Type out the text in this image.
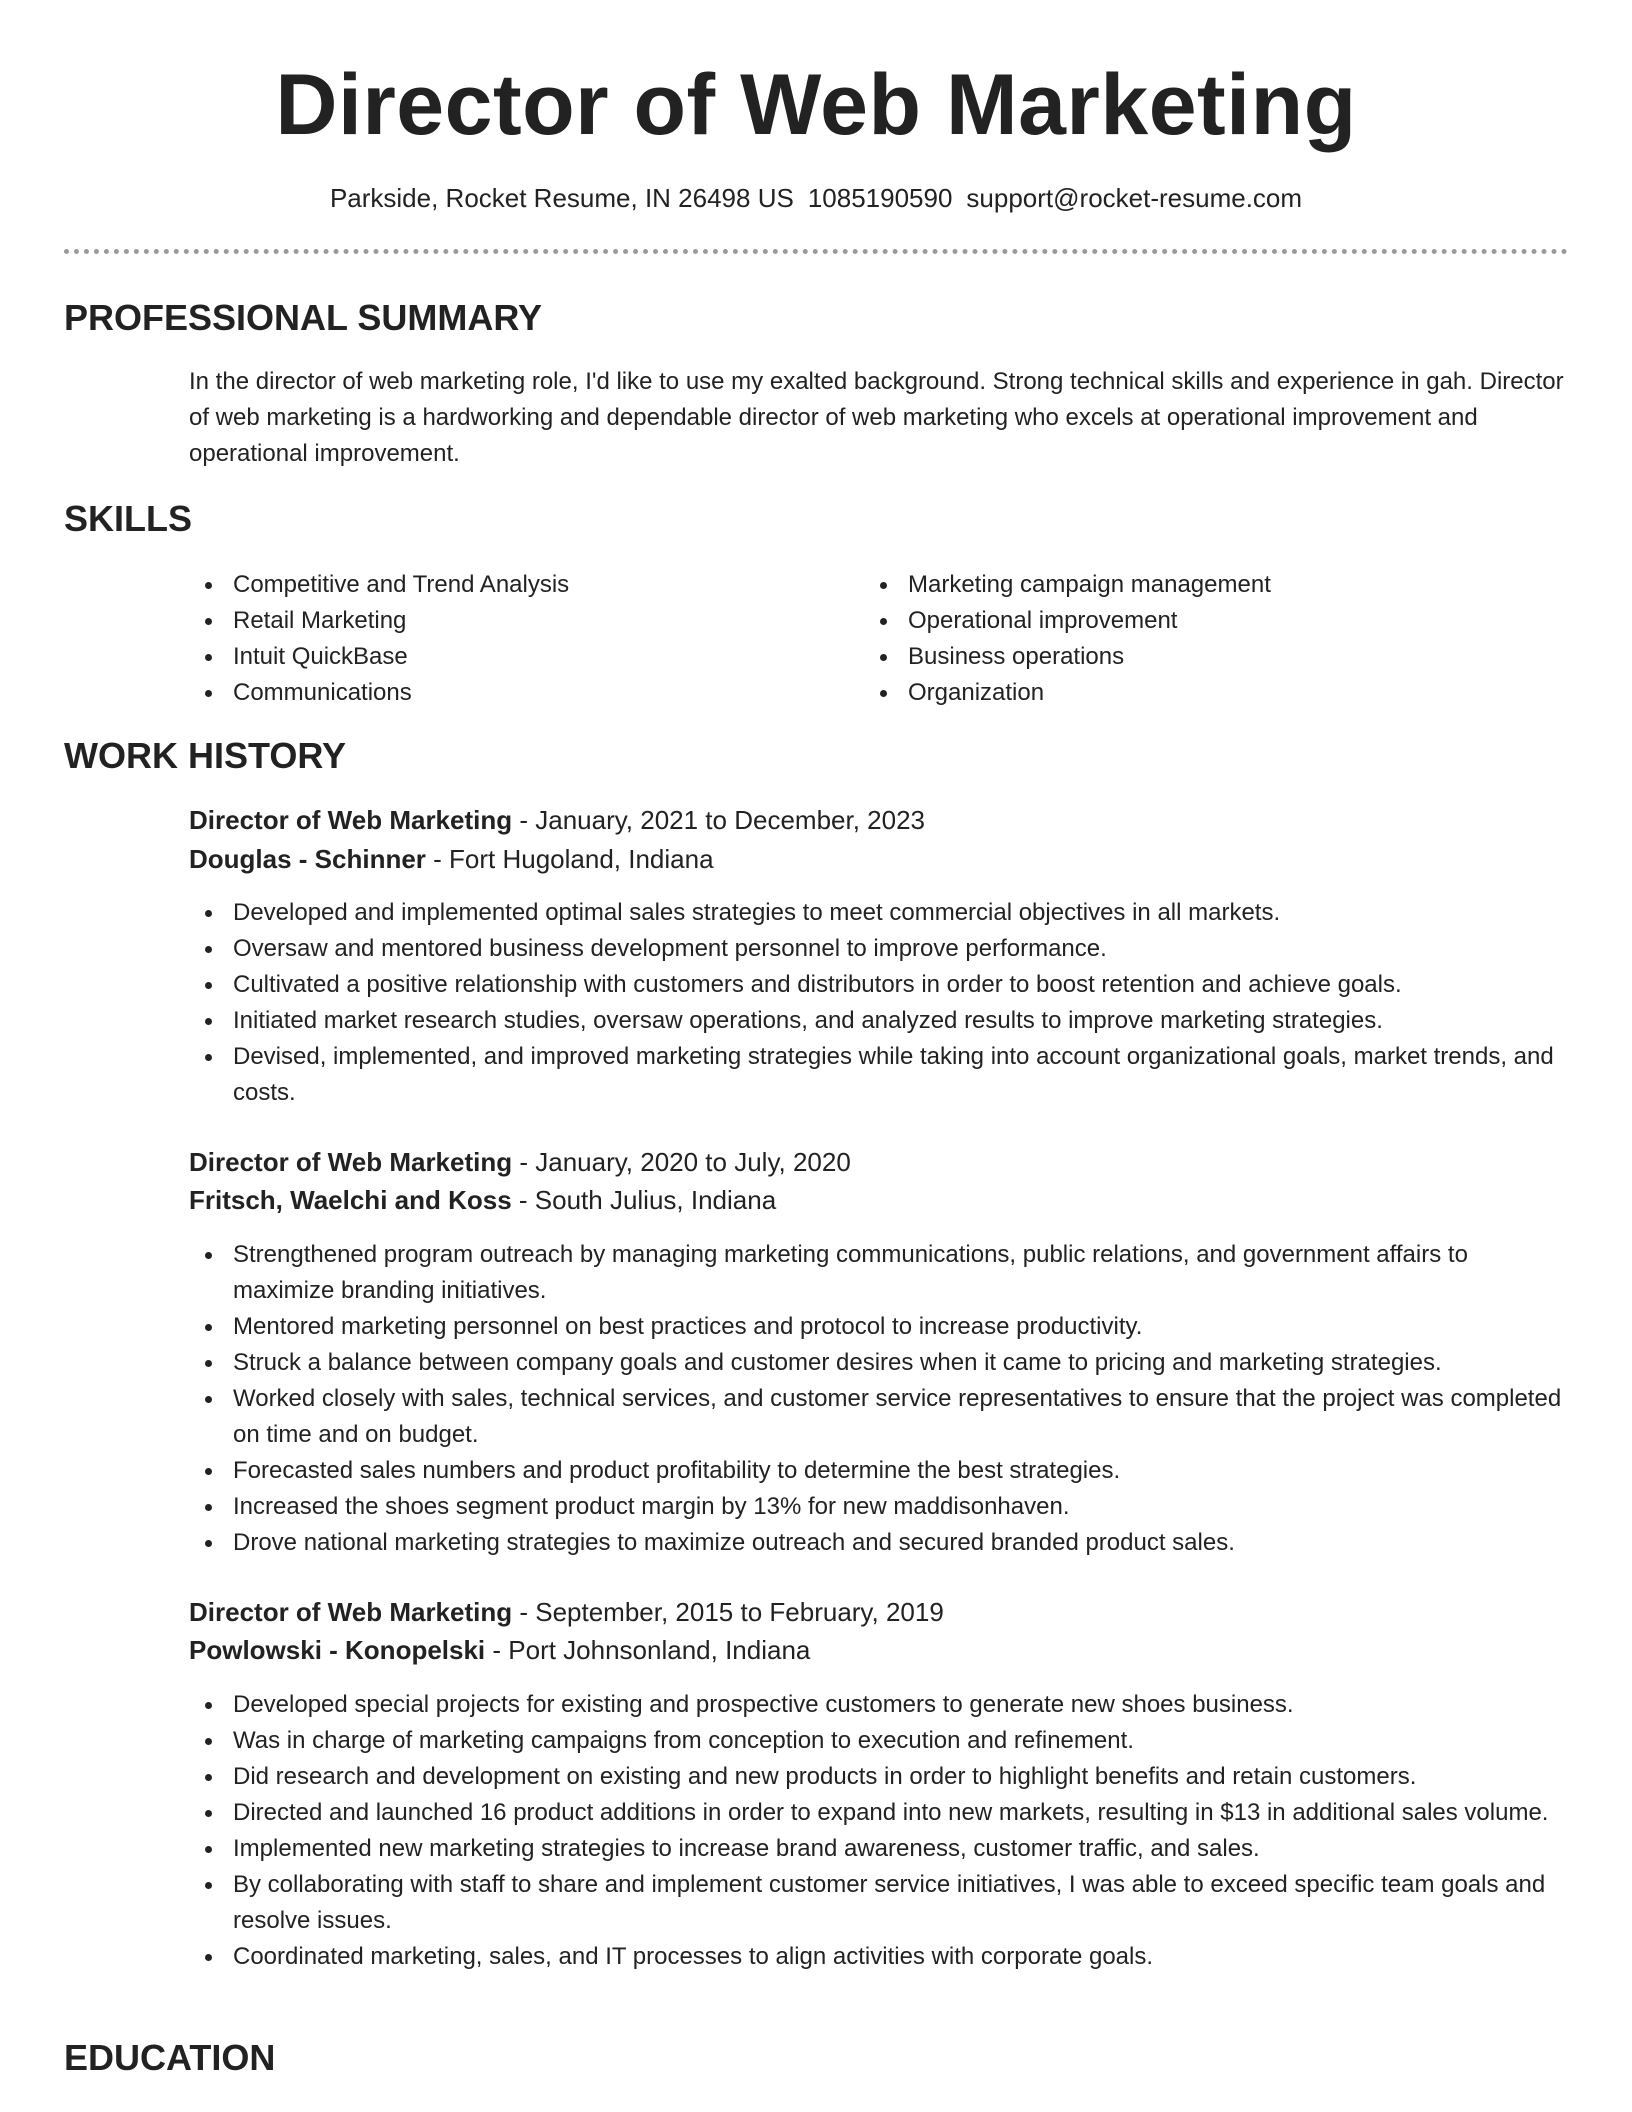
Director of Web Marketing
Parkside, Rocket Resume, IN 26498 US 1085190590 support@rocket-resume.com
PROFESSIONAL SUMMARY

In the director of web marketing role, I'd like to use my exalted background. Strong technical skills and experience in gah. Director of web marketing is a hardworking and dependable director of web marketing who excels at operational improvement and operational improvement.

SKILLS
Competitive and Trend Analysis
Retail Marketing
Intuit QuickBase
Communications
Marketing campaign management
Operational improvement
Business operations
Organization
WORK HISTORY
Director of Web Marketing - January, 2021 to December, 2023
Douglas - Schinner - Fort Hugoland, Indiana
Developed and implemented optimal sales strategies to meet commercial objectives in all markets.
Oversaw and mentored business development personnel to improve performance.
Cultivated a positive relationship with customers and distributors in order to boost retention and achieve goals.
Initiated market research studies, oversaw operations, and analyzed results to improve marketing strategies.
Devised, implemented, and improved marketing strategies while taking into account organizational goals, market trends, and costs.
Director of Web Marketing - January, 2020 to July, 2020
Fritsch, Waelchi and Koss - South Julius, Indiana
Strengthened program outreach by managing marketing communications, public relations, and government affairs to maximize branding initiatives.
Mentored marketing personnel on best practices and protocol to increase productivity.
Struck a balance between company goals and customer desires when it came to pricing and marketing strategies.
Worked closely with sales, technical services, and customer service representatives to ensure that the project was completed on time and on budget.
Forecasted sales numbers and product profitability to determine the best strategies.
Increased the shoes segment product margin by 13% for new maddisonhaven.
Drove national marketing strategies to maximize outreach and secured branded product sales.
Director of Web Marketing - September, 2015 to February, 2019
Powlowski - Konopelski - Port Johnsonland, Indiana
Developed special projects for existing and prospective customers to generate new shoes business.
Was in charge of marketing campaigns from conception to execution and refinement.
Did research and development on existing and new products in order to highlight benefits and retain customers.
Directed and launched 16 product additions in order to expand into new markets, resulting in $13 in additional sales volume.
Implemented new marketing strategies to increase brand awareness, customer traffic, and sales.
By collaborating with staff to share and implement customer service initiatives, I was able to exceed specific team goals and resolve issues.
Coordinated marketing, sales, and IT processes to align activities with corporate goals.
EDUCATION
